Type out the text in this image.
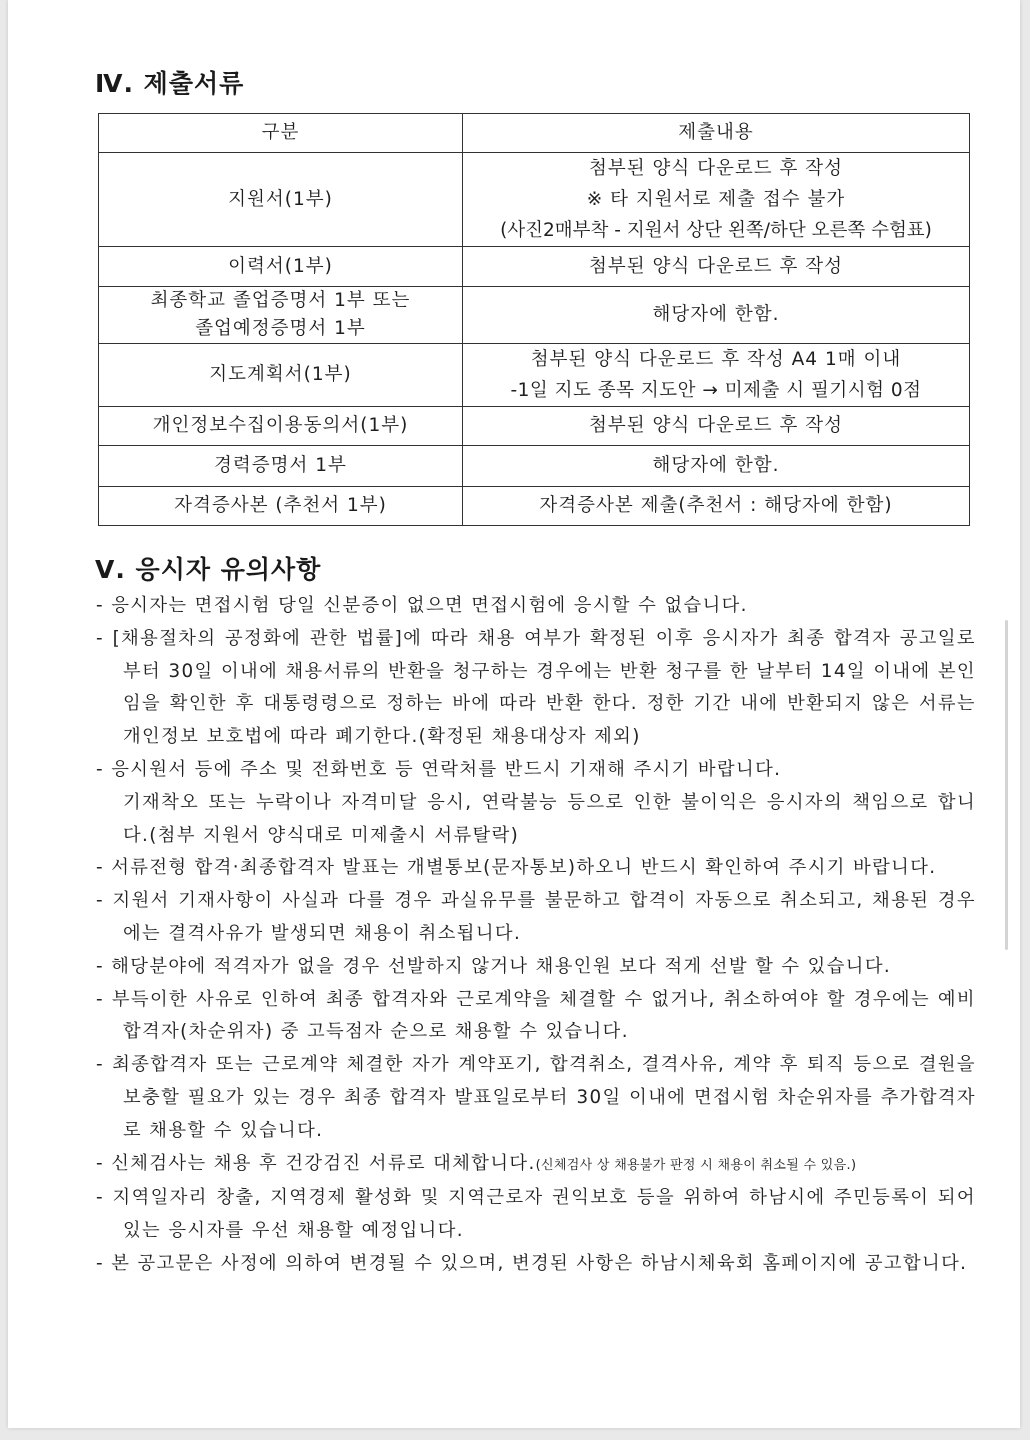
Ⅳ. 제출서류
구분	제출내용
지원서(1부)	첨부된 양식 다운로드 후 작성
※ 타 지원서로 제출 접수 불가
(사진2매부착 - 지원서 상단 왼쪽/하단 오른쪽 수험표)

이력서(1부)	첨부된 양식 다운로드 후 작성

최종학교 졸업증명서 1부 또는
졸업예정증명서 1부	해당자에 한함.
지도계획서(1부)	첨부된 양식 다운로드 후 작성 A4 1매 이내
-1일 지도 종목 지도안 → 미제출 시 필기시험 0점

개인정보수집이용동의서(1부)	첨부된 양식 다운로드 후 작성
경력증명서 1부	해당자에 한함.
자격증사본 (추천서 1부)	자격증사본 제출(추천서 : 해당자에 한함)
Ⅴ. 응시자 유의사항
- 응시자는 면접시험 당일 신분증이 없으면 면접시험에 응시할 수 없습니다.
- [채용절차의 공정화에 관한 법률]에 따라 채용 여부가 확정된 이후 응시자가 최종 합격자 공고일로부터 30일 이내에 채용서류의 반환을 청구하는 경우에는 반환 청구를 한 날부터 14일 이내에 본인임을 확인한 후 대통령령으로 정하는 바에 따라 반환 한다. 정한 기간 내에 반환되지 않은 서류는 개인정보 보호법에 따라 폐기한다.(확정된 채용대상자 제외)
- 응시원서 등에 주소 및 전화번호 등 연락처를 반드시 기재해 주시기 바랍니다.
기재착오 또는 누락이나 자격미달 응시, 연락불능 등으로 인한 불이익은 응시자의 책임으로 합니다.(첨부 지원서 양식대로 미제출시 서류탈락)
- 서류전형 합격·최종합격자 발표는 개별통보(문자통보)하오니 반드시 확인하여 주시기 바랍니다.
- 지원서 기재사항이 사실과 다를 경우 과실유무를 불문하고 합격이 자동으로 취소되고, 채용된 경우에는 결격사유가 발생되면 채용이 취소됩니다.
- 해당분야에 적격자가 없을 경우 선발하지 않거나 채용인원 보다 적게 선발 할 수 있습니다.
- 부득이한 사유로 인하여 최종 합격자와 근로계약을 체결할 수 없거나, 취소하여야 할 경우에는 예비합격자(차순위자) 중 고득점자 순으로 채용할 수 있습니다.
- 최종합격자 또는 근로계약 체결한 자가 계약포기, 합격취소, 결격사유, 계약 후 퇴직 등으로 결원을 보충할 필요가 있는 경우 최종 합격자 발표일로부터 30일 이내에 면접시험 차순위자를 추가합격자로 채용할 수 있습니다.
- 신체검사는 채용 후 건강검진 서류로 대체합니다.(신체검사 상 채용불가 판정 시 채용이 취소될 수 있음.)
- 지역일자리 창출, 지역경제 활성화 및 지역근로자 권익보호 등을 위하여 하남시에 주민등록이 되어 있는 응시자를 우선 채용할 예정입니다.
- 본 공고문은 사정에 의하여 변경될 수 있으며, 변경된 사항은 하남시체육회 홈페이지에 공고합니다.
